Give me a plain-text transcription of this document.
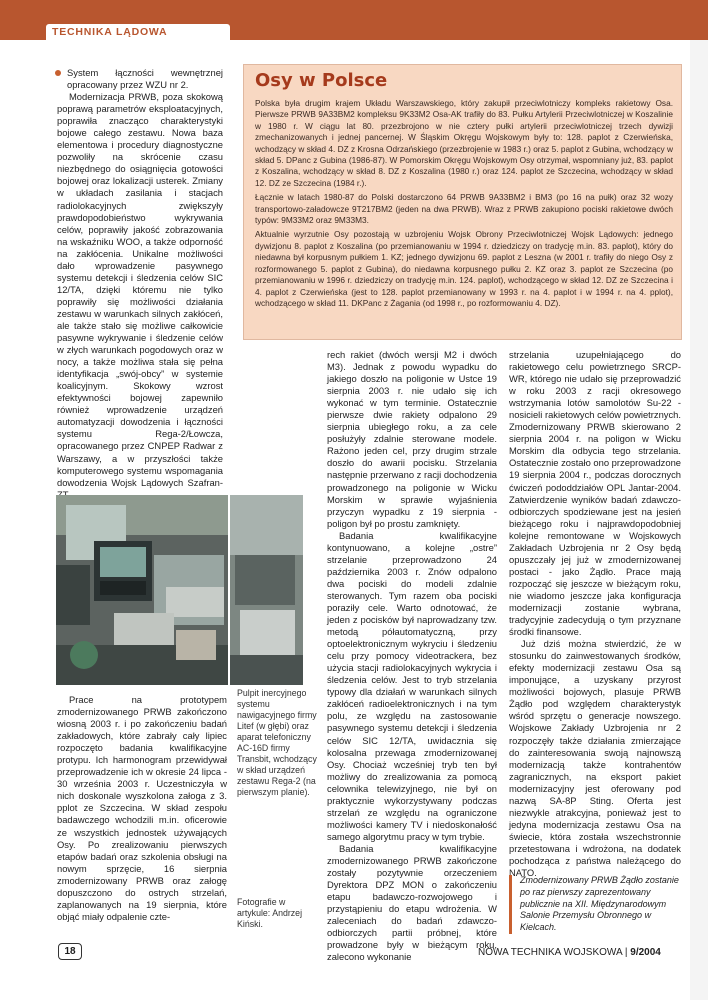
TECHNIKA LĄDOWA

System łączności wewnętrznej opracowany przez WZU nr 2.

Modernizacja PRWB, poza skokową poprawą parametrów eksploatacyjnych, poprawiła znacząco charakterystyki bojowe całego zestawu. Nowa baza elementowa i procedury diagnostyczne pozwoliły na skrócenie czasu niezbędnego do osiągnięcia gotowości bojowej oraz lokalizacji usterek. Zmiany w układach zasilania i stacjach radiolokacyjnych zwiększyły prawdopodobieństwo wykrywania celów, poprawiły jakość zobrazowania na wskaźniku WOO, a także odporność na zakłócenia. Unikalne możliwości dało wprowadzenie pasywnego systemu detekcji i śledzenia celów SIC 12/TA, dzięki któremu nie tylko poprawiły się możliwości działania zestawu w warunkach silnych zakłóceń, ale także stało się możliwe całkowicie pasywne wykrywanie i śledzenie celów w złych warunkach pogodowych oraz w nocy, a także możliwa stała się pełna identyfikacja „swój-obcy” w systemie koalicyjnym. Skokowy wzrost efektywności bojowej zapewniło również wprowadzenie urządzeń automatyzacji dowodzenia i łączności systemu Rega-2/Łowcza, opracowanego przez CNPEP Radwar z Warszawy, a w przyszłości także komputerowego systemu wspomagania dowodzenia Wojsk Lądowych Szafran-

Osy w Polsce

Polska była drugim krajem Układu Warszawskiego, który zakupił przeciwlotniczy kompleks rakietowy Osa. Pierwsze PRWB 9A33BM2 kompleksu 9K33M2 Osa-AK trafiły do 83. Pułku Artylerii Przeciwlotniczej w Koszalinie w 1980 r. W ciągu lat 80. przezbrojono w nie cztery pułki artylerii przeciwlotniczej trzech dywizji zmechanizowanych i jednej pancernej. W Śląskim Okręgu Wojskowym były to: 128. paplot z Czerwieńska, wchodzący w skład 4. DZ z Krosna Odrzańskiego (przezbrojenie w 1983 r.) oraz 5. paplot z Gubina, wchodzący w skład 5. DPanc z Gubina (1986-87). W Pomorskim Okręgu Wojskowym Osy otrzymał, wspomniany już, 83. paplot z Koszalina, wchodzący w skład 8. DZ z Koszalina (1980 r.) oraz 124. paplot ze Szczecina, wchodzący w skład 12. DZ ze Szczecina (1984 r.).

Łącznie w latach 1980-87 do Polski dostarczono 64 PRWB 9A33BM2 i BM3 (po 16 na pułk) oraz 32 wozy transportowo-załadowcze 9T217BM2 (jeden na dwa PRWB). Wraz z PRWB zakupiono pociski rakietowe dwóch typów: 9M33M2 oraz 9M33M3.

Aktualnie wyrzutnie Osy pozostają w uzbrojeniu Wojsk Obrony Przeciwlotniczej Wojsk Lądowych: jednego dywizjonu 8. paplot z Koszalina (po przemianowaniu w 1994 r. dziedziczy on tradycję m.in. 83. paplot), który do niedawna był korpusnym pułkiem 1. KZ; jednego dywizjonu 69. paplot z Leszna (w 2001 r. trafiły do niego Osy z rozformowanego 5. paplot z Gubina), do niedawna korpusnego pułku 2. KZ oraz 3. paplot ze Szczecina (po przemianowaniu w 1996 r. dziedziczy on tradycję m.in. 124. paplot), wchodzącego w skład 12. DZ ze Szczecina i 4. paplot z Czerwieńska (jest to 128. paplot przemianowany w 1993 r. na 4. paplot i w 1994 r. na 4. pplot), wchodzącego w skład 11. DKPanc z Żagania (od 1998 r., po rozformowaniu 4. DZ).

Pulpit inercyjnego systemu nawigacyjnego firmy Litef (w głębi) oraz aparat telefoniczny AC-16D firmy Transbit, wchodzący w skład urządzeń zestawu Rega-2 (na pierwszym planie).
Fotografie w artykule: Andrzej Kiński.

Prace na prototypem zmodernizowanego PRWB zakończono wiosną 2003 r. i po zakończeniu badań zakładowych, które zabrały cały lipiec rozpoczęto badania kwalifikacyjne protypu. Ich harmonogram przewidywał przeprowadzenie ich w okresie 24 lipca - 30 września 2003 r. Uczestniczyła w nich doskonale wyszkolona załoga z 3. pplot ze Szczecina. W skład zespołu badawczego wchodzili m.in. oficerowie ze wszystkich jednostek używających Osy. Po zrealizowaniu pierwszych etapów badań oraz szkolenia obsługi na nowym sprzęcie, 16 sierpnia zmodernizowany PRWB oraz załogę dopuszczono do ostrych strzelań, zaplanowanych na 19 sierpnia, które objąć miały odpalenie czte-

rech rakiet (dwóch wersji M2 i dwóch M3). Jednak z powodu wypadku do jakiego doszło na poligonie w Ustce 19 sierpnia 2003 r. nie udało się ich wykonać w tym terminie. Ostatecznie pierwsze dwie rakiety odpalono 29 sierpnia ubiegłego roku, a za cele posłużyły zdalnie sterowane modele. Rażono jeden cel, przy drugim strzale doszło do awarii pocisku. Strzelania następnie przerwano z racji dochodzenia prowadzonego na poligonie w Wicku Morskim w sprawie wyjaśnienia przyczyn wypadku z 19 sierpnia - poligon był po prostu zamknięty.

Badania kwalifikacyjne kontynuowano, a kolejne „ostre” strzelanie przeprowadzono 24 października 2003 r. Znów odpalono dwa pociski do modeli zdalnie sterowanych. Tym razem oba pociski poraziły cele. Warto odnotować, że jeden z pocisków był naprowadzany tzw. metodą półautomatyczną, przy optoelektronicznym wykryciu i śledzeniu celu przy pomocy videotrackera, bez użycia stacji radiolokacyjnych wykrycia i śledzenia celów. Jest to tryb strzelania typowy dla działań w warunkach silnych zakłóceń radioelektronicznych i na tym polu, ze względu na zastosowanie pasywnego systemu detekcji i śledzenia celów SIC 12/TA, uwidacznia się kolosalna przewaga zmodernizowanej Osy. Chociaż wcześniej tryb ten był możliwy do zrealizowania za pomocą celownika telewizyjnego, nie był on praktycznie wykorzystywany podczas strzelań ze względu na ograniczone możliwości kamery TV i niedoskonałość samego algorytmu pracy w tym trybie.

Badania kwalifikacyjne zmodernizowanego PRWB zakończone zostały pozytywnie orzeczeniem Dyrektora DPZ MON o zakończeniu etapu badawczo-rozwojowego i przystąpieniu do etapu wdrożenia. W zaleceniach do badań zdawczo-odbiorczych partii próbnej, które prowadzone były w bieżącym roku, zalecono wykonanie

strzelania uzupełniającego do rakietowego celu powietrznego SRCP-WR, którego nie udało się przeprowadzić w roku 2003 z racji okresowego wstrzymania lotów samolotów Su-22 - nosicieli rakietowych celów powietrznych. Zmodernizowany PRWB skierowano 2 sierpnia 2004 r. na poligon w Wicku Morskim dla odbycia tego strzelania. Ostatecznie zostało ono przeprowadzone 19 sierpnia 2004 r., podczas dorocznych ćwiczeń pododdziałów OPL Jantar-2004. Zatwierdzenie wyników badań zdawczo-odbiorczych spodziewane jest na jesień bieżącego roku i najprawdopodobniej kolejne remontowane w Wojskowych Zakładach Uzbrojenia nr 2 Osy będą opuszczały jej już w zmodernizowanej postaci - jako Żądło. Prace mają rozpocząć się jeszcze w bieżącym roku, nie wiadomo jeszcze jaka konfiguracja modernizacji zostanie wybrana, tradycyjnie zadecydują o tym przyznane środki finansowe.

Już dziś można stwierdzić, że w stosunku do zainwestowanych środków, efekty modernizacji zestawu Osa są imponujące, a uzyskany przyrost możliwości bojowych, plasuje PRWB Żądło pod względem charakterystyk wśród sprzętu o generacje nowszego. Wojskowe Zakłady Uzbrojenia nr 2 rozpoczęły także działania zmierzające do zainteresowania swoją najnowszą modernizacją także kontrahentów zagranicznych, na eksport pakiet modernizacyjny jest oferowany pod nazwą SA-8P Sting. Oferta jest niezwykle atrakcyjna, ponieważ jest to jedyna modernizacja zestawu Osa na świecie, która została wszechstronnie przetestowana i wdrożona, na dodatek pochodząca z państwa należącego do NATO.

Zmodernizowany PRWB Żądło zostanie po raz pierwszy zaprezentowany publicznie na XII. Międzynarodowym Salonie Przemysłu Obronnego w Kielcach.
18	NOWA TECHNIKA WOJSKOWA | 9/2004
